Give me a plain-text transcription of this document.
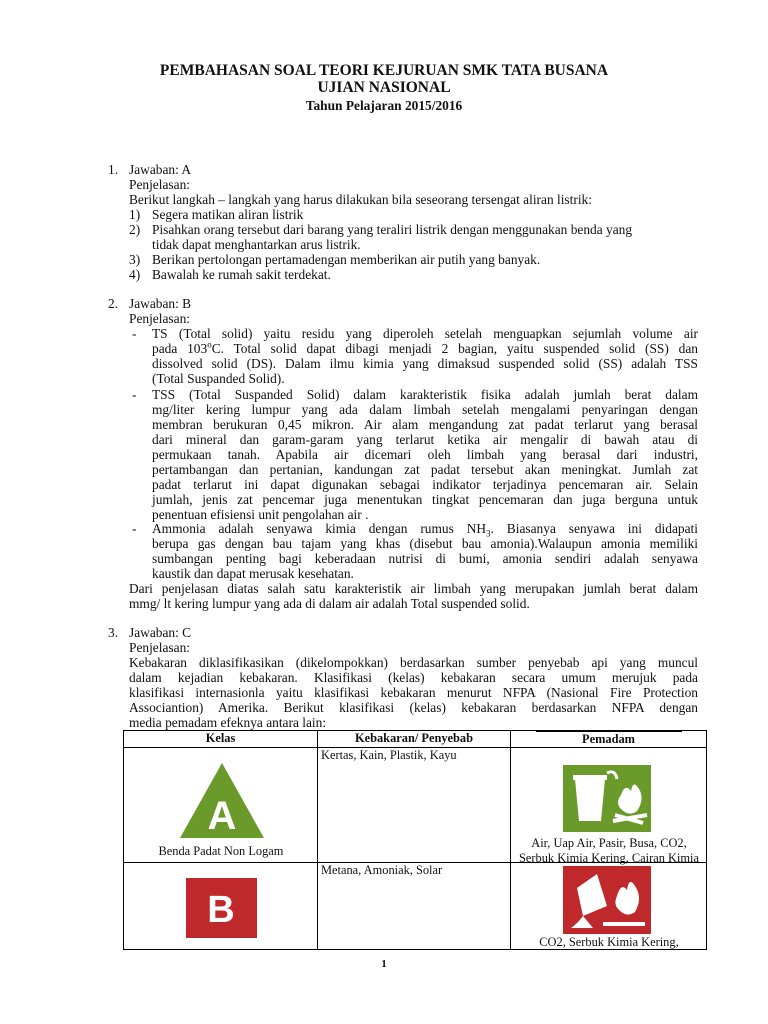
PEMBAHASAN SOAL TEORI KEJURUAN SMK TATA BUSANA
UJIAN NASIONAL
Tahun Pelajaran 2015/2016
1. Jawaban: A
Penjelasan:
Berikut langkah – langkah yang harus dilakukan bila seseorang tersengat aliran listrik:
1) Segera matikan aliran listrik
2) Pisahkan orang tersebut dari barang yang teraliri listrik dengan menggunakan benda yang
tidak dapat menghantarkan arus listrik.
3) Berikan pertolongan pertamadengan memberikan air putih yang banyak.
4) Bawalah ke rumah sakit terdekat.
2. Jawaban: B
Penjelasan:
- TS (Total solid) yaitu residu yang diperoleh setelah menguapkan sejumlah volume air
pada 103$^o$C. Total solid dapat dibagi menjadi 2 bagian, yaitu suspended solid (SS) dan
dissolved solid (DS). Dalam ilmu kimia yang dimaksud suspended solid (SS) adalah TSS
(Total Suspanded Solid).
- TSS (Total Suspanded Solid) dalam karakteristik fisika adalah jumlah berat dalam
mg/liter kering lumpur yang ada dalam limbah setelah mengalami penyaringan dengan
membran berukuran 0,45 mikron. Air alam mengandung zat padat terlarut yang berasal
dari mineral dan garam-garam yang terlarut ketika air mengalir di bawah atau di
permukaan tanah. Apabila air dicemari oleh limbah yang berasal dari industri,
pertambangan dan pertanian, kandungan zat padat tersebut akan meningkat. Jumlah zat
padat terlarut ini dapat digunakan sebagai indikator terjadinya pencemaran air. Selain
jumlah, jenis zat pencemar juga menentukan tingkat pencemaran dan juga berguna untuk
penentuan efisiensi unit pengolahan air .
- Ammonia adalah senyawa kimia dengan rumus $NH_3$. Biasanya senyawa ini didapati
berupa gas dengan bau tajam yang khas (disebut bau amonia).Walaupun amonia memiliki
sumbangan penting bagi keberadaan nutrisi di bumi, amonia sendiri adalah senyawa
kaustik dan dapat merusak kesehatan.
Dari penjelasan diatas salah satu karakteristik air limbah yang merupakan jumlah berat dalam
mmg/ lt kering lumpur yang ada di dalam air adalah Total suspended solid.
3. Jawaban: C
Penjelasan:
Kebakaran diklasifikasikan (dikelompokkan) berdasarkan sumber penyebab api yang muncul
dalam kejadian kebakaran. Klasifikasi (kelas) kebakaran secara umum merujuk pada
klasifikasi internasionla yaitu klasifikasi kebakaran menurut NFPA (Nasional Fire Protection
Associantion) Amerika. Berikut klasifikasi (kelas) kebakaran berdasarkan NFPA dengan
media pemadam efeknya antara lain:
Kelas	Kebakaran/ Penyebab	Pemadam

A
Benda Padat Non Logam	Kertas, Kain, Plastik, Kayu	Air, Uap Air, Pasir, Busa, CO2, Serbuk Kimia Kering, Cairan Kimia

B	Metana, Amoniak, Solar	CO2, Serbuk Kimia Kering,
1
